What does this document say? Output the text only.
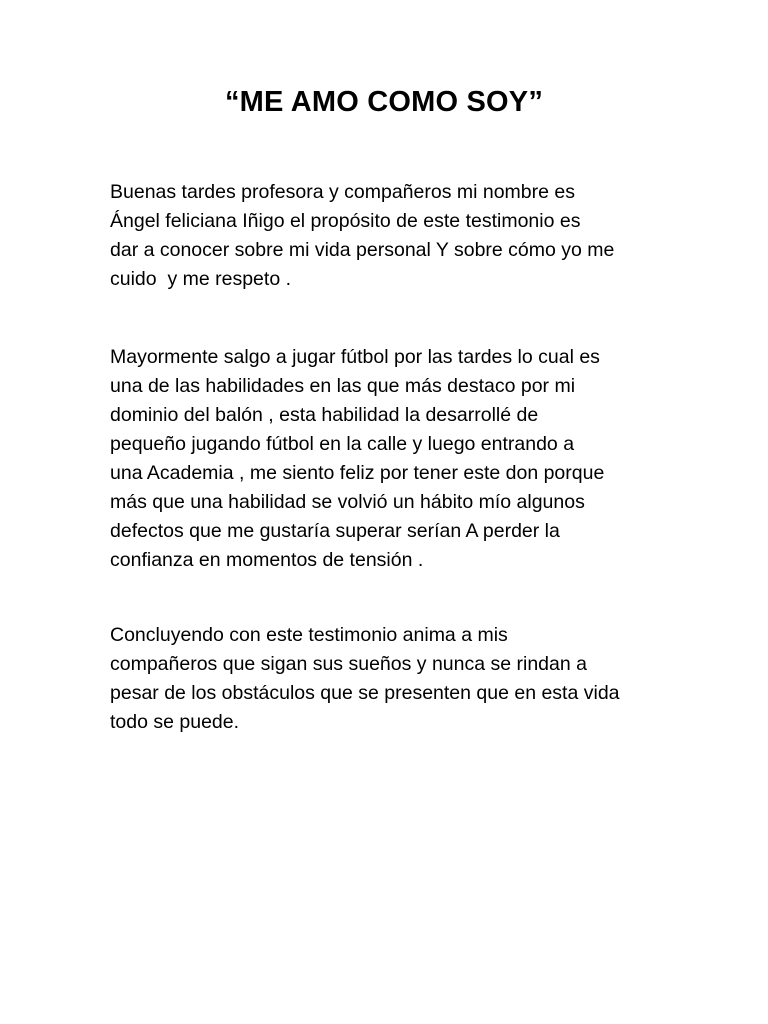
“ME AMO COMO SOY”

Buenas tardes profesora y compañeros mi nombre es
Ángel feliciana Iñigo el propósito de este testimonio es
dar a conocer sobre mi vida personal Y sobre cómo yo me
cuido  y me respeto .

Mayormente salgo a jugar fútbol por las tardes lo cual es
una de las habilidades en las que más destaco por mi
dominio del balón , esta habilidad la desarrollé de
pequeño jugando fútbol en la calle y luego entrando a
una Academia , me siento feliz por tener este don porque
más que una habilidad se volvió un hábito mío algunos
defectos que me gustaría superar serían A perder la
confianza en momentos de tensión .

Concluyendo con este testimonio anima a mis
compañeros que sigan sus sueños y nunca se rindan a
pesar de los obstáculos que se presenten que en esta vida
todo se puede.
